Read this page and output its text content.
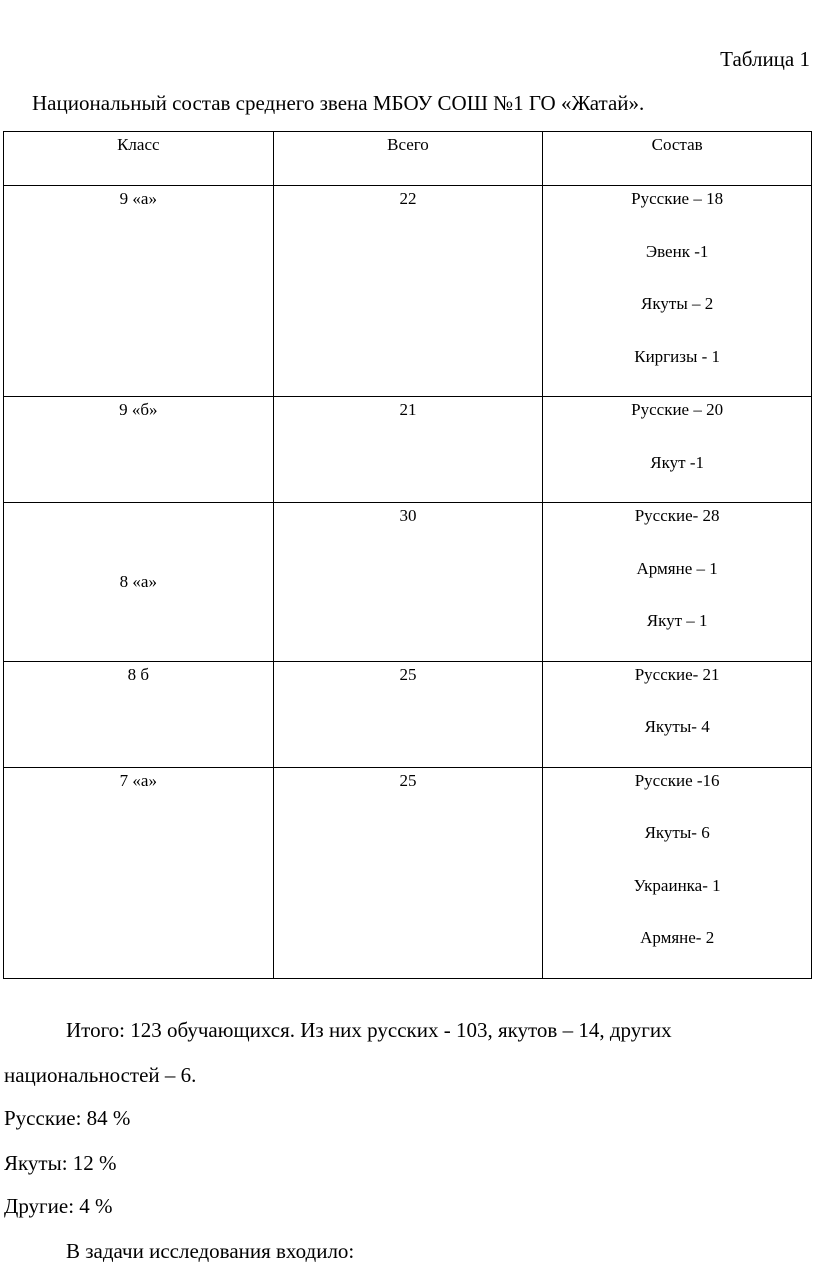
Таблица 1
Национальный состав среднего звена МБОУ СОШ №1 ГО «Жатай».
Класс	Всего	Состав

9 «а»	22	Русские – 18
Эвенк -1
Якуты – 2
Киргизы - 1

9 «б»	21	Русские – 20
Якут -1

8 «а»	30	Русские- 28
Армяне – 1
Якут – 1

8 б	25	Русские- 21
Якуты- 4

7 «а»	25	Русские -16
Якуты- 6
Украинка- 1
Армяне- 2
Итого: 123 обучающихся. Из них русских - 103, якутов – 14, других
национальностей – 6.
Русские: 84 %
Якуты: 12 %
Другие: 4 %
В задачи исследования входило:
